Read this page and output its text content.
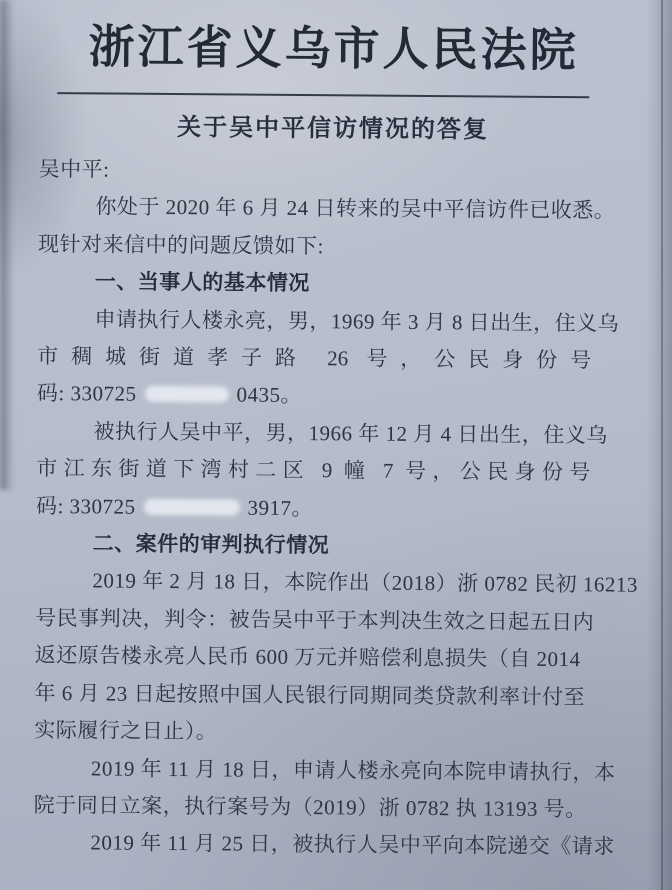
浙江省义乌市人民法院
关于吴中平信访情况的答复
吴中平:
你处于 2020 年 6 月 24 日转来的吴中平信访件已收悉。
现针对来信中的问题反馈如下:
一、当事人的基本情况
申请执行人楼永亮，男，1969 年 3 月 8 日出生，住义乌
市稠城街道孝子路 26 号，公民身份号
码: 330725	0435。
被执行人吴中平，男，1966 年 12 月 4 日出生，住义乌
市江东街道下湾村二区 9 幢 7 号，公民身份号
码: 330725	3917。
二、案件的审判执行情况
2019 年 2 月 18 日，本院作出（2018）浙 0782 民初 16213
号民事判决，判令：被告吴中平于本判决生效之日起五日内
返还原告楼永亮人民币 600 万元并赔偿利息损失（自 2014
年 6 月 23 日起按照中国人民银行同期同类贷款利率计付至
实际履行之日止）。
2019 年 11 月 18 日，申请人楼永亮向本院申请执行，本
院于同日立案，执行案号为（2019）浙 0782 执 13193 号。
2019 年 11 月 25 日，被执行人吴中平向本院递交《请求
